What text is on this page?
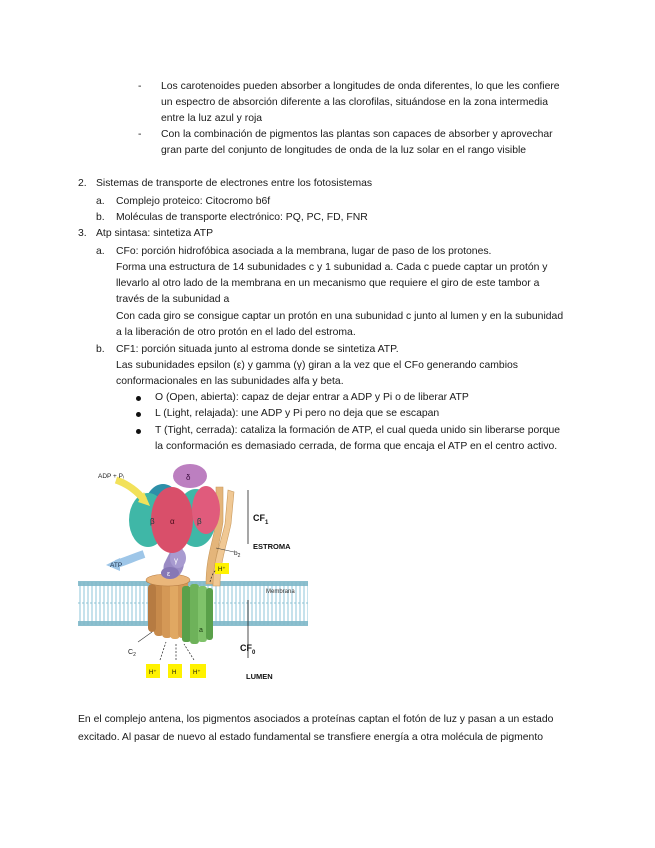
- Los carotenoides pueden absorber a longitudes de onda diferentes, lo que les confiere
un espectro de absorción diferente a las clorofilas, situándose en la zona intermedia
entre la luz azul y roja
- Con la combinación de pigmentos las plantas son capaces de absorber y aprovechar
gran parte del conjunto de longitudes de onda de la luz solar en el rango visible
2. Sistemas de transporte de electrones entre los fotosistemas
a. Complejo proteico: Citocromo b6f
b. Moléculas de transporte electrónico: PQ, PC, FD, FNR
3. Atp sintasa: sintetiza ATP
a. CFo: porción hidrofóbica asociada a la membrana, lugar de paso de los protones.
Forma una estructura de 14 subunidades c y 1 subunidad a. Cada c puede captar un protón y
llevarlo al otro lado de la membrana en un mecanismo que requiere el giro de este tambor a
través de la subunidad a
Con cada giro se consigue captar un protón en una subunidad c junto al lumen y en la subunidad
a la liberación de otro protón en el lado del estroma.
b. CF1: porción situada junto al estroma donde se sintetiza ATP.
Las subunidades epsilon (ε) y gamma (γ) giran a la vez que el CFo generando cambios
conformacionales en las subunidades alfa y beta.
O (Open, abierta): capaz de dejar entrar a ADP y Pi o de liberar ATP
L (Light, relajada): une ADP y Pi pero no deja que se escapan
T (Tight, cerrada): cataliza la formación de ATP, el cual queda unido sin liberarse porque
la conformación es demasiado cerrada, de forma que encaja el ATP en el centro activo.
Membrana
a
γ
ε
β α	β
δ
ADP + Pᵢ
ATP
$b_2$
H⁺
$C_2$
H⁺	H	H⁺
$CF_1$
ESTROMA
$CF_0$
LUMEN
En el complejo antena, los pigmentos asociados a proteínas captan el fotón de luz y pasan a un estado
excitado. Al pasar de nuevo al estado fundamental se transfiere energía a otra molécula de pigmento
